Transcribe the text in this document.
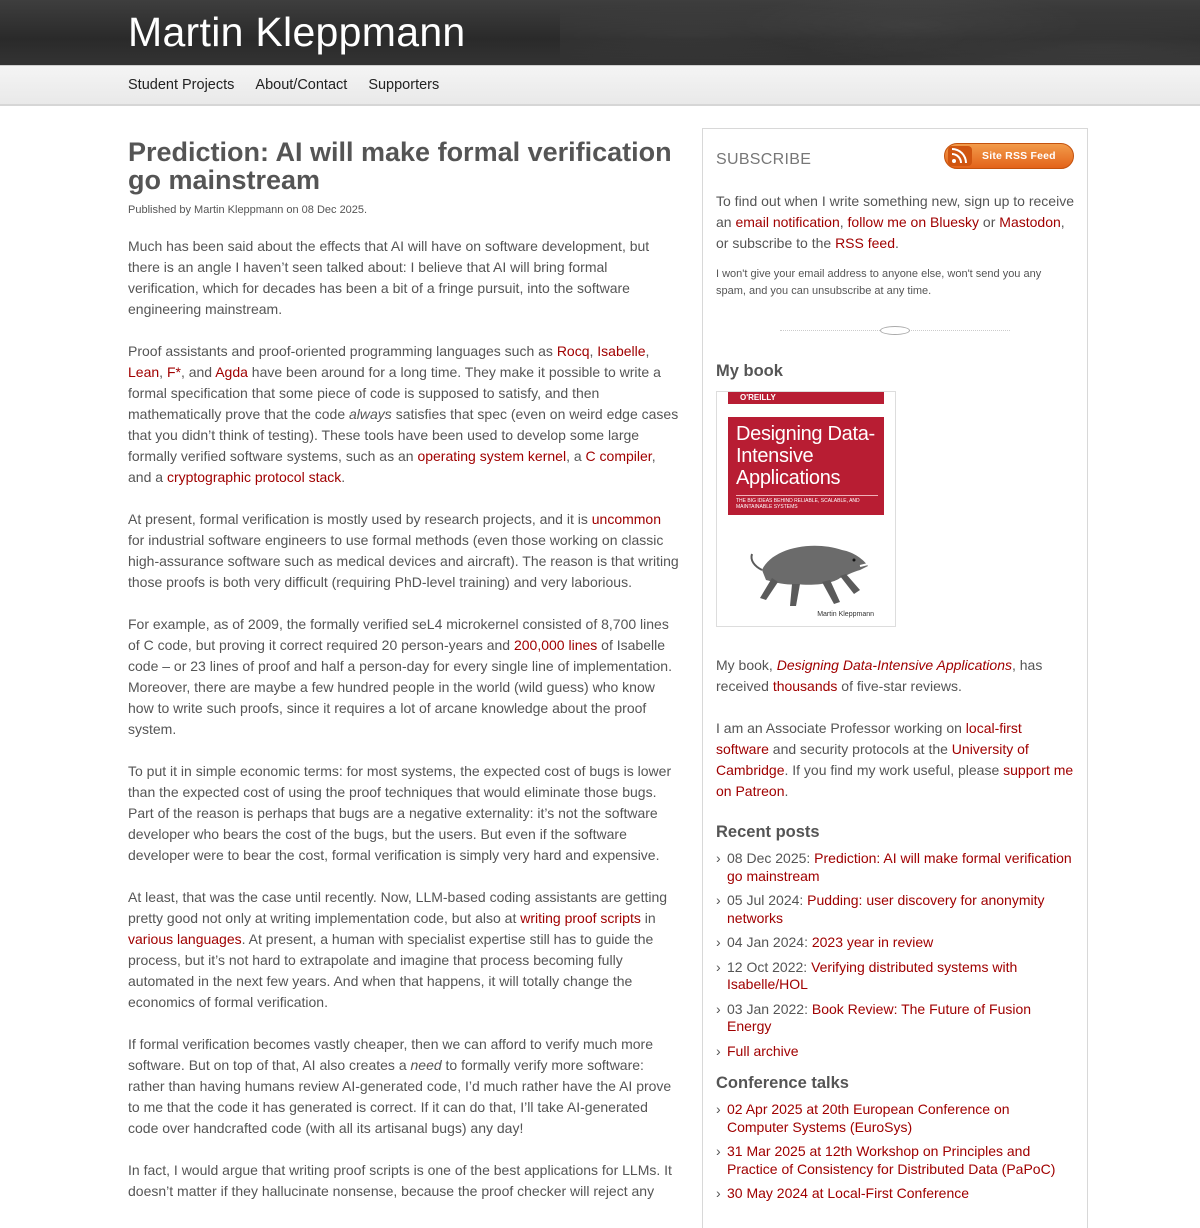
Martin Kleppmann
Student Projects About/Contact Supporters
Prediction: AI will make formal verification go mainstream
Published by Martin Kleppmann on 08 Dec 2025.

Much has been said about the effects that AI will have on software development, but there is an angle I haven’t seen talked about: I believe that AI will bring formal verification, which for decades has been a bit of a fringe pursuit, into the software engineering mainstream.

Proof assistants and proof-oriented programming languages such as Rocq, Isabelle, Lean, F*, and Agda have been around for a long time. They make it possible to write a formal specification that some piece of code is supposed to satisfy, and then mathematically prove that the code always satisfies that spec (even on weird edge cases that you didn’t think of testing). These tools have been used to develop some large formally verified software systems, such as an operating system kernel, a C compiler, and a cryptographic protocol stack.

At present, formal verification is mostly used by research projects, and it is uncommon for industrial software engineers to use formal methods (even those working on classic high-assurance software such as medical devices and aircraft). The reason is that writing those proofs is both very difficult (requiring PhD-level training) and very laborious.

For example, as of 2009, the formally verified seL4 microkernel consisted of 8,700 lines of C code, but proving it correct required 20 person-years and 200,000 lines of Isabelle code – or 23 lines of proof and half a person-day for every single line of implementation. Moreover, there are maybe a few hundred people in the world (wild guess) who know how to write such proofs, since it requires a lot of arcane knowledge about the proof system.

To put it in simple economic terms: for most systems, the expected cost of bugs is lower than the expected cost of using the proof techniques that would eliminate those bugs. Part of the reason is perhaps that bugs are a negative externality: it’s not the software developer who bears the cost of the bugs, but the users. But even if the software developer were to bear the cost, formal verification is simply very hard and expensive.

At least, that was the case until recently. Now, LLM-based coding assistants are getting pretty good not only at writing implementation code, but also at writing proof scripts in various languages. At present, a human with specialist expertise still has to guide the process, but it’s not hard to extrapolate and imagine that process becoming fully automated in the next few years. And when that happens, it will totally change the economics of formal verification.

If formal verification becomes vastly cheaper, then we can afford to verify much more software. But on top of that, AI also creates a need to formally verify more software: rather than having humans review AI-generated code, I’d much rather have the AI prove to me that the code it has generated is correct. If it can do that, I’ll take AI-generated code over handcrafted code (with all its artisanal bugs) any day!

In fact, I would argue that writing proof scripts is one of the best applications for LLMs. It doesn’t matter if they hallucinate nonsense, because the proof checker will reject any

SUBSCRIBE	Site RSS Feed

To find out when I write something new, sign up to receive an email notification, follow me on Bluesky or Mastodon, or subscribe to the RSS feed.

I won't give your email address to anyone else, won't send you any spam, and you can unsubscribe at any time.
My book
O'REILLY
Designing Data-Intensive Applications
THE BIG IDEAS BEHIND RELIABLE, SCALABLE, AND MAINTAINABLE SYSTEMS
Martin Kleppmann

My book, Designing Data-Intensive Applications, has received thousands of five-star reviews.

I am an Associate Professor working on local-first software and security protocols at the University of Cambridge. If you find my work useful, please support me on Patreon.

Recent posts
› 08 Dec 2025: Prediction: AI will make formal verification go mainstream
› 05 Jul 2024: Pudding: user discovery for anonymity networks
› 04 Jan 2024: 2023 year in review
› 12 Oct 2022: Verifying distributed systems with Isabelle/HOL
› 03 Jan 2022: Book Review: The Future of Fusion Energy
› Full archive
Conference talks
› 02 Apr 2025 at 20th European Conference on Computer Systems (EuroSys)
› 31 Mar 2025 at 12th Workshop on Principles and Practice of Consistency for Distributed Data (PaPoC)
› 30 May 2024 at Local-First Conference
